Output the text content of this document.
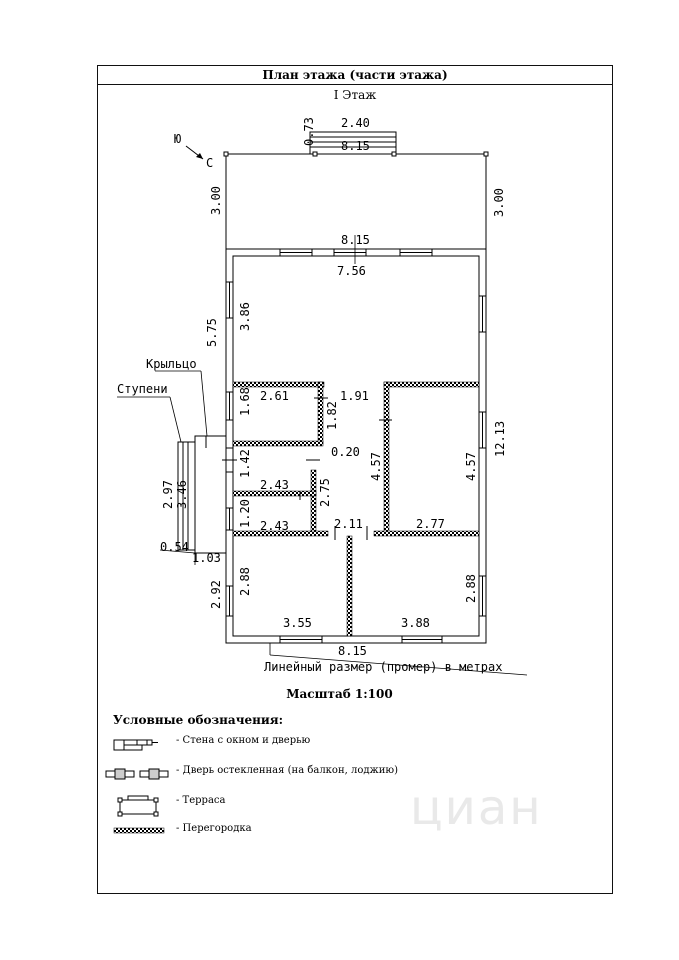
План этажа (части этажа)
I Этаж
Ю
С
2.40
0.73 8.15
3.00	3.00
8.15
7.56
5.75
3.86
12.13
2.61	1.91
1.82
1.68
0.20
1.42
2.43 2.75
4.57	4.57
1.20 2.43	2.11	2.77
2.97 3.46
0.54
1.03
2.92 2.88	2.88
3.55	3.88
8.15
Крыльцо
Ступени
Линейный размер (промер) в метрах
Масштаб 1:100
Условные обозначения:
- Стена с окном и дверью
- Дверь остекленная (на балкон, лоджию)
- Терраса
- Перегородка	циан
